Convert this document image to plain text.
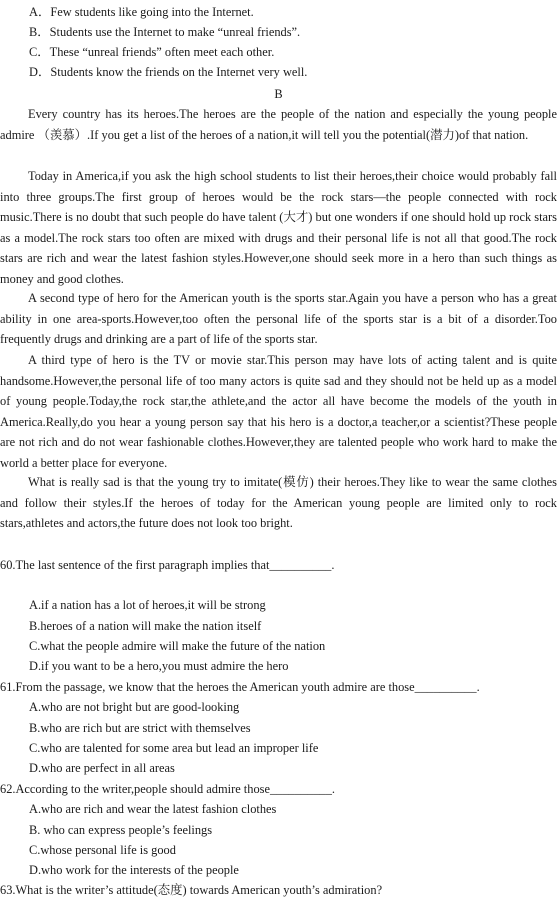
A．Few students like going into the Internet.
B．Students use the Internet to make “unreal friends”.
C．These “unreal friends” often meet each other.
D．Students know the friends on the Internet very well.
B

Every country has its heroes.The heroes are the people of the nation and especially the young people admire （羡慕）.If you get a list of the heroes of a nation,it will tell you the potential(潜力)of that nation.

Today in America,if you ask the high school students to list their heroes,their choice would probably fall into three groups.The first group of heroes would be the rock stars—the people connected with rock music.There is no doubt that such people do have talent (大才) but one wonders if one should hold up rock stars as a model.The rock stars too often are mixed with drugs and their personal life is not all that good.The rock stars are rich and wear the latest fashion styles.However,one should seek more in a hero than such things as money and good clothes.

A second type of hero for the American youth is the sports star.Again you have a person who has a great ability in one area-sports.However,too often the personal life of the sports star is a bit of a disorder.Too frequently drugs and drinking are a part of life of the sports star.

A third type of hero is the TV or movie star.This person may have lots of acting talent and is quite handsome.However,the personal life of too many actors is quite sad and they should not be held up as a model of young people.Today,the rock star,the athlete,and the actor all have become the models of the youth in America.Really,do you hear a young person say that his hero is a doctor,a teacher,or a scientist?These people are not rich and do not wear fashionable clothes.However,they are talented people who work hard to make the world a better place for everyone.

What is really sad is that the young try to imitate(模仿) their heroes.They like to wear the same clothes and follow their styles.If the heroes of today for the American young people are limited only to rock stars,athletes and actors,the future does not look too bright.

60.The last sentence of the first paragraph implies that__________.
A.if a nation has a lot of heroes,it will be strong
B.heroes of a nation will make the nation itself
C.what the people admire will make the future of the nation
D.if you want to be a hero,you must admire the hero
61.From the passage, we know that the heroes the American youth admire are those__________.
A.who are not bright but are good-looking
B.who are rich but are strict with themselves
C.who are talented for some area but lead an improper life
D.who are perfect in all areas
62.According to the writer,people should admire those__________.
A.who are rich and wear the latest fashion clothes
B. who can express people’s feelings
C.whose personal life is good
D.who work for the interests of the people
63.What is the writer’s attitude(态度) towards American youth’s admiration?
